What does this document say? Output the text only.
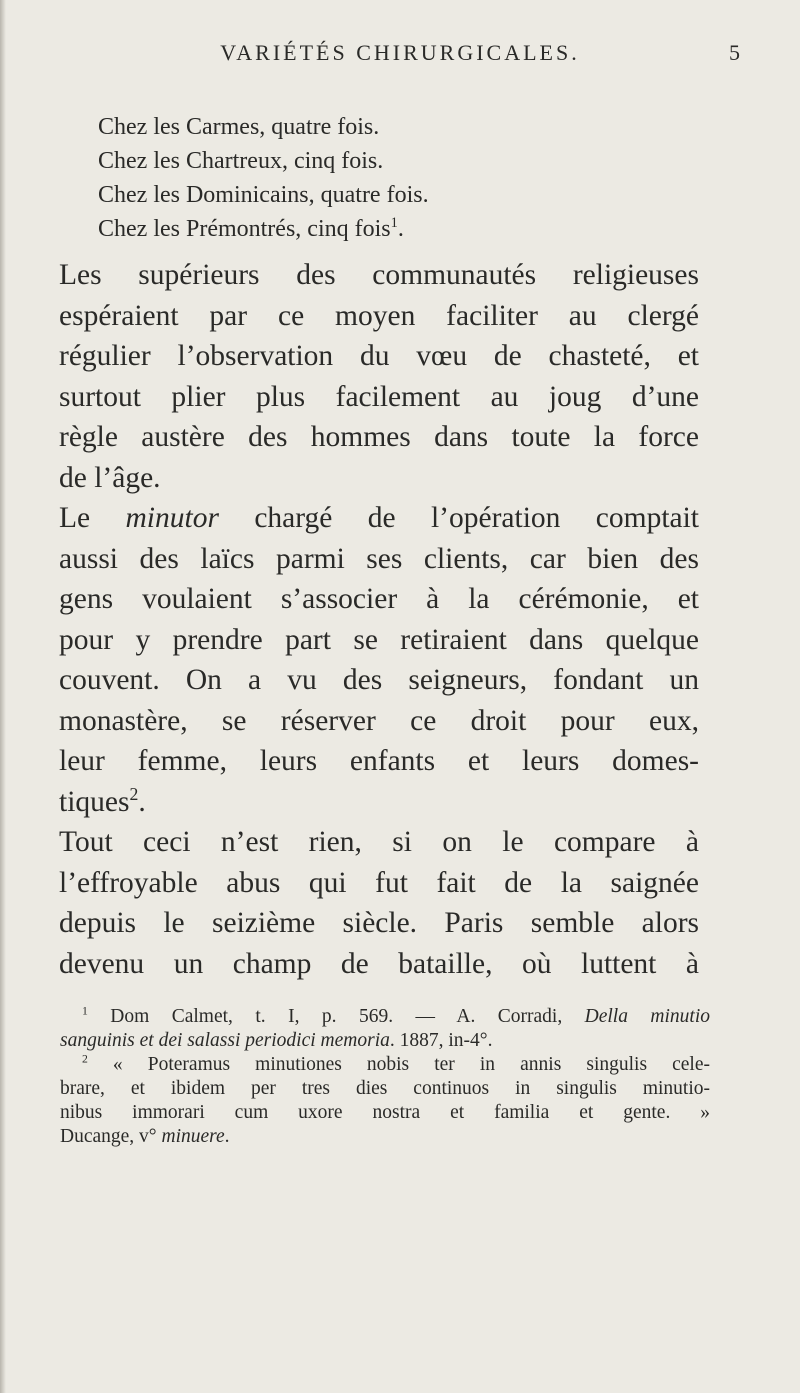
VARIÉTÉS CHIRURGICALES.	5
Chez les Carmes, quatre fois.
Chez les Chartreux, cinq fois.
Chez les Dominicains, quatre fois.
Chez les Prémontrés, cinq fois$^1$.
Les supérieurs des communautés religieuses
espéraient par ce moyen faciliter au clergé
régulier l’observation du vœu de chasteté, et
surtout plier plus facilement au joug d’une
règle austère des hommes dans toute la force
de l’âge.
Le minutor chargé de l’opération comptait
aussi des laïcs parmi ses clients, car bien des
gens voulaient s’associer à la cérémonie, et
pour y prendre part se retiraient dans quelque
couvent. On a vu des seigneurs, fondant un
monastère, se réserver ce droit pour eux,
leur femme, leurs enfants et leurs domes-
tiques$^2$.
Tout ceci n’est rien, si on le compare à
l’effroyable abus qui fut fait de la saignée
depuis le seizième siècle. Paris semble alors
devenu un champ de bataille, où luttent à
$^1$ Dom Calmet, t. I, p. 569. — A. Corradi, Della minutio
sanguinis et dei salassi periodici memoria. 1887, in-4°.
$^2$ « Poteramus minutiones nobis ter in annis singulis cele-
brare, et ibidem per tres dies continuos in singulis minutio-
nibus immorari cum uxore nostra et familia et gente. »
Ducange, v° minuere.
